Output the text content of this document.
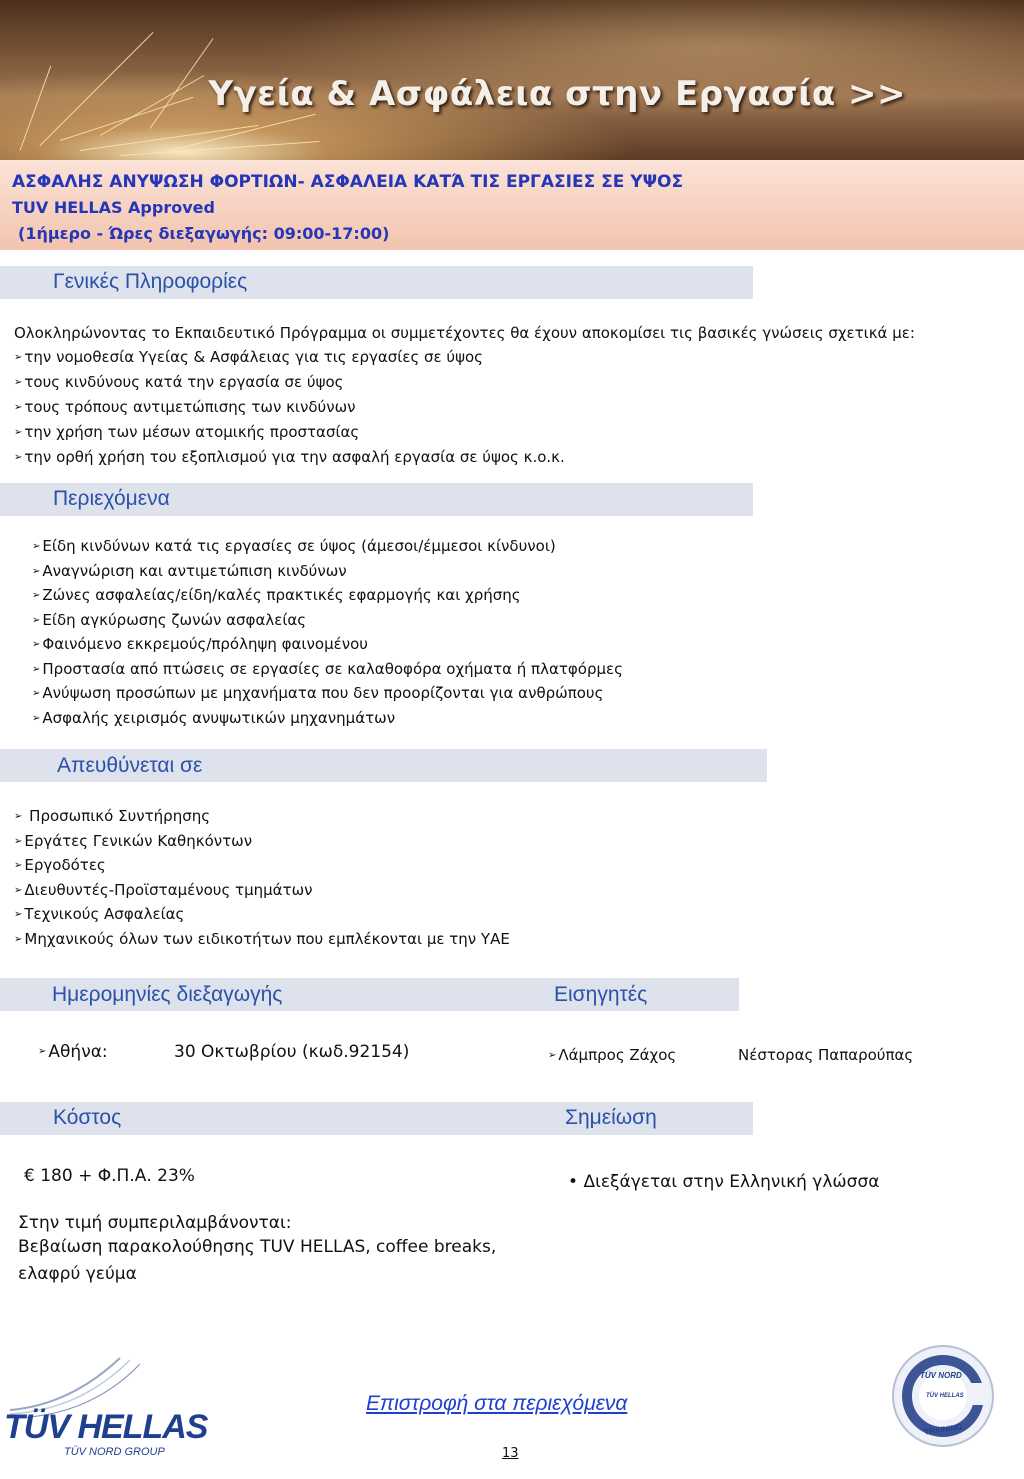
Υγεία & Ασφάλεια στην Εργασία >>
ΑΣΦΑΛΗΣ ΑΝΥΨΩΣΗ ΦΟΡΤΙΩΝ- ΑΣΦΑΛΕΙΑ ΚΑΤΆ ΤΙΣ ΕΡΓΑΣΙΕΣ ΣΕ ΥΨΟΣ
TUV HELLAS Approved
(1ήμερο - Ώρες διεξαγωγής: 09:00-17:00)
Γενικές Πληροφορίες
Ολοκληρώνοντας το Εκπαιδευτικό Πρόγραμμα οι συμμετέχοντες θα έχουν αποκομίσει τις βασικές γνώσεις σχετικά με:
➢ την νομοθεσία Υγείας & Ασφάλειας για τις εργασίες σε ύψος
➢ τους κινδύνους κατά την εργασία σε ύψος
➢ τους τρόπους αντιμετώπισης των κινδύνων
➢ την χρήση των μέσων ατομικής προστασίας
➢ την ορθή χρήση του εξοπλισμού για την ασφαλή εργασία σε ύψος κ.ο.κ.
Περιεχόμενα
➢ Είδη κινδύνων κατά τις εργασίες σε ύψος (άμεσοι/έμμεσοι κίνδυνοι)
➢ Αναγνώριση και αντιμετώπιση κινδύνων
➢ Ζώνες ασφαλείας/είδη/καλές πρακτικές εφαρμογής και χρήσης
➢ Είδη αγκύρωσης ζωνών ασφαλείας
➢ Φαινόμενο εκκρεμούς/πρόληψη φαινομένου
➢ Προστασία από πτώσεις σε εργασίες σε καλαθοφόρα οχήματα ή πλατφόρμες
➢ Ανύψωση προσώπων με μηχανήματα που δεν προορίζονται για ανθρώπους
➢ Ασφαλής χειρισμός ανυψωτικών μηχανημάτων
Απευθύνεται σε
➢ Προσωπικό Συντήρησης
➢ Εργάτες Γενικών Καθηκόντων
➢ Εργοδότες
➢ Διευθυντές-Προϊσταμένους τμημάτων
➢ Τεχνικούς Ασφαλείας
➢ Μηχανικούς όλων των ειδικοτήτων που εμπλέκονται με την ΥΑΕ
Ημερομηνίες διεξαγωγής	Εισηγητές
➢ Αθήνα:	30 Οκτωβρίου (κωδ.92154)	➢ Λάμπρος Ζάχος	Νέστορας Παπαρούπας
Κόστος	Σημείωση
€ 180 + Φ.Π.Α. 23%
Στην τιμή συμπεριλαμβάνονται:
Βεβαίωση παρακολούθησης TUV HELLAS, coffee breaks,
ελαφρύ γεύμα
• Διεξάγεται στην Ελληνική γλώσσα
TÜV HELLAS
TÜV NORD GROUP
Επιστροφή στα περιεχόμενα
13
TÜV NORD
TÜV HELLAS
TRAINING
